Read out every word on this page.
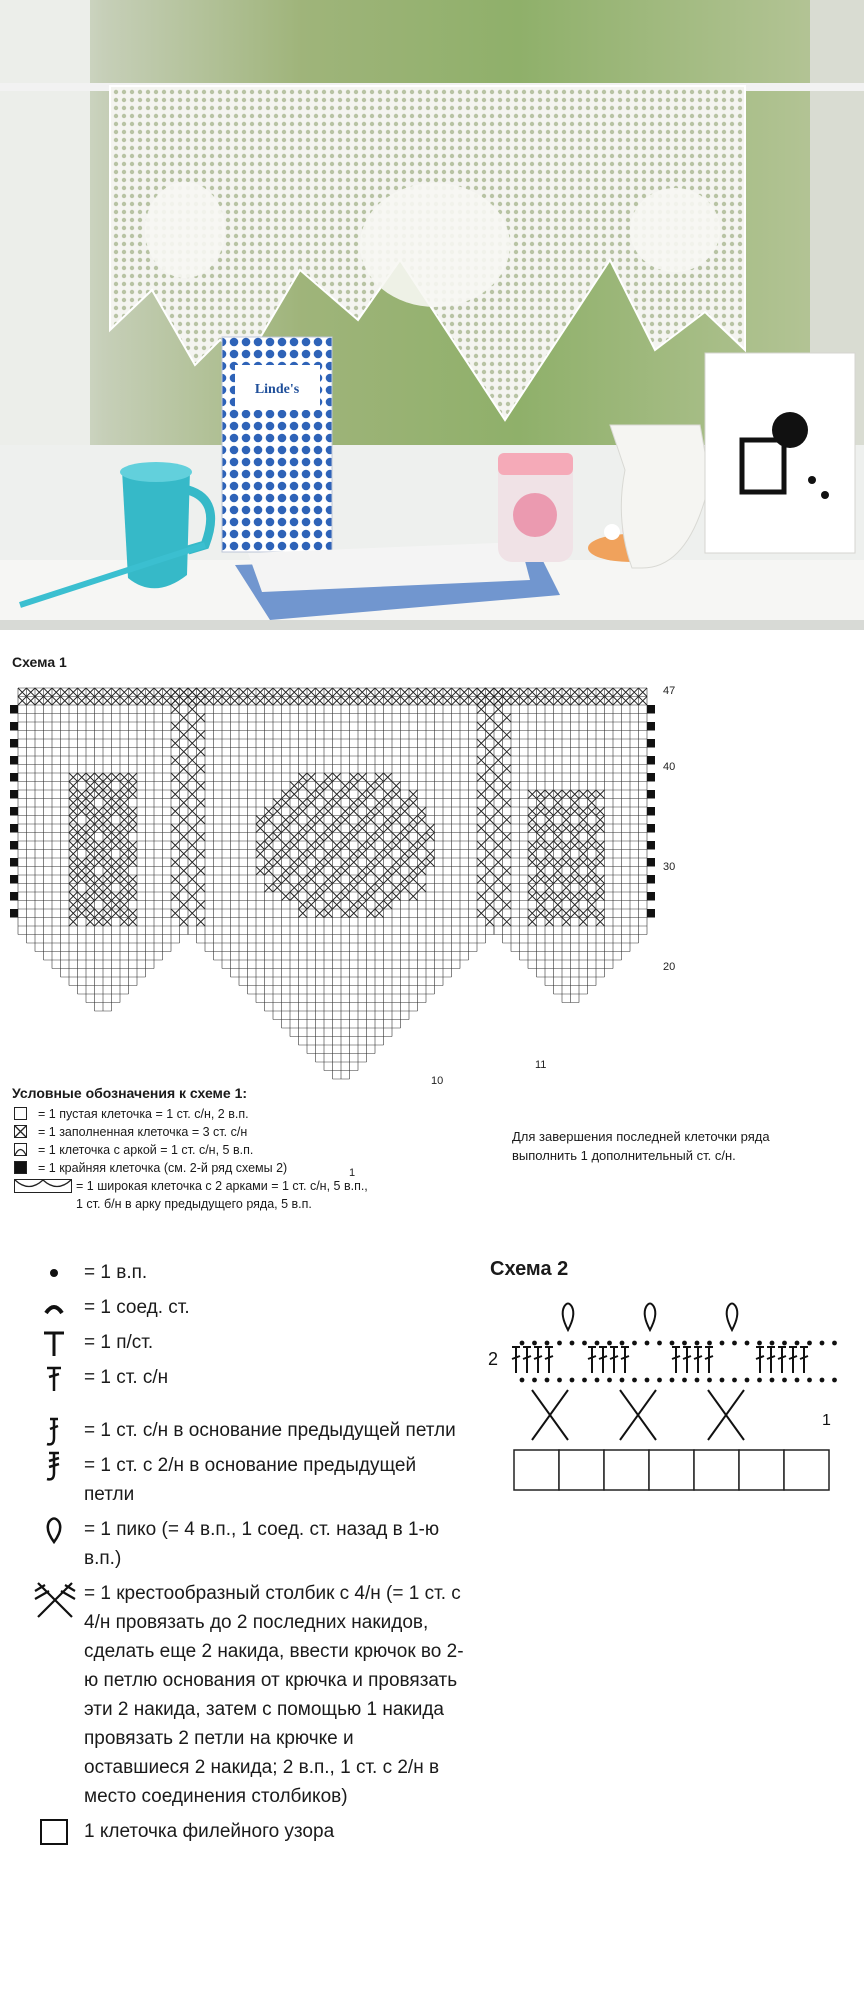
Linde's
Схема 1
47
40
30
20
11
10
1
Условные обозначения к схеме 1:
= 1 пустая клеточка = 1 ст. с/н, 2 в.п.
= 1 заполненная клеточка = 3 ст. с/н
= 1 клеточка с аркой = 1 ст. с/н, 5 в.п.
= 1 крайняя клеточка (см. 2-й ряд схемы 2)
= 1 широкая клеточка с 2 арками = 1 ст. с/н, 5 в.п., 1 ст. б/н в арку предыдущего ряда, 5 в.п.
Для завершения последней клеточки ряда выполнить 1 дополнительный ст. с/н.
= 1 в.п.
= 1 соед. ст.
= 1 п/ст.
= 1 ст. с/н
= 1 ст. с/н в основание предыдущей петли
= 1 ст. с 2/н в основание предыдущей петли
= 1 пико (= 4 в.п., 1 соед. ст. назад в 1-ю в.п.)
= 1 крестообразный столбик с 4/н (= 1 ст. с 4/н провязать до 2 последних накидов, сделать еще 2 накида, ввести крючок во 2-ю петлю основания от крючка и провязать эти 2 накида, затем с помощью 1 накида провязать 2 петли на крючке и оставшиеся 2 накида; 2 в.п., 1 ст. с 2/н в место соединения столбиков)
1 клеточка филейного узора
Схема 2
2
1
